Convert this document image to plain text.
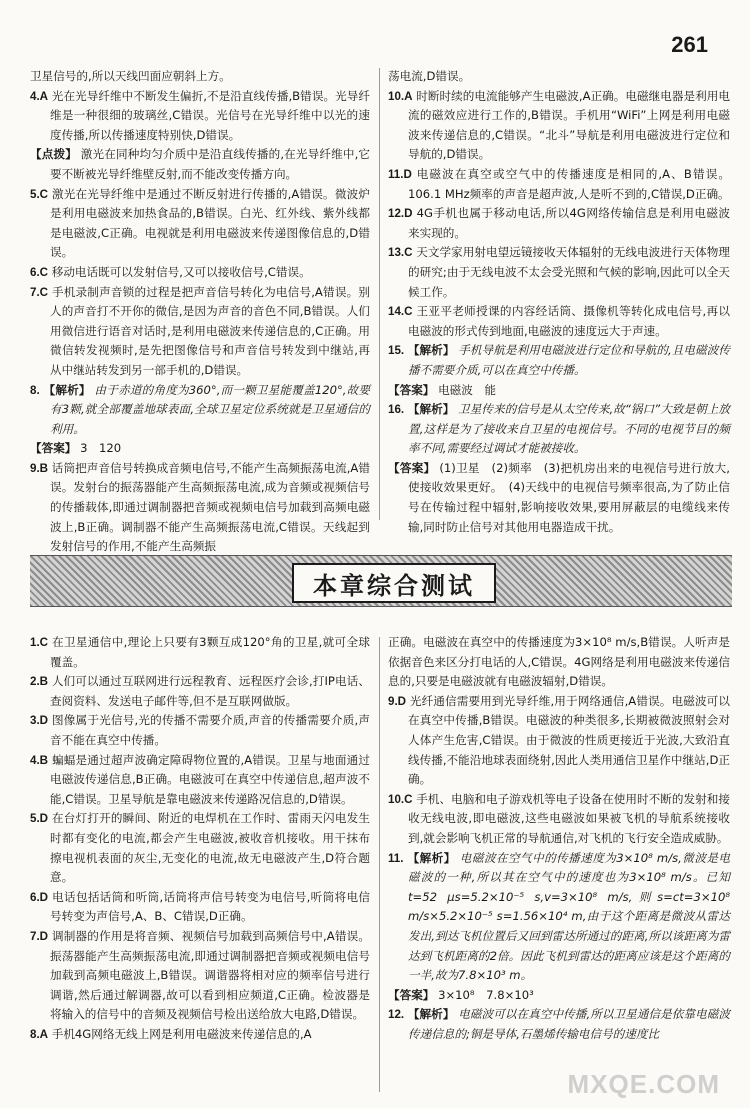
261

卫星信号的,所以天线凹面应朝斜上方。

4.A 光在光导纤维中不断发生偏折,不是沿直线传播,B错误。光导纤维是一种很细的玻璃丝,C错误。光信号在光导纤维中以光的速度传播,所以传播速度特别快,D错误。

【点拨】 激光在同种均匀介质中是沿直线传播的,在光导纤维中,它要不断被光导纤维壁反射,而不能改变传播方向。

5.C 激光在光导纤维中是通过不断反射进行传播的,A错误。微波炉是利用电磁波来加热食品的,B错误。白光、红外线、紫外线都是电磁波,C正确。电视就是利用电磁波来传递图像信息的,D错误。

6.C 移动电话既可以发射信号,又可以接收信号,C错误。

7.C 手机录制声音锁的过程是把声音信号转化为电信号,A错误。别人的声音打不开你的微信,是因为声音的音色不同,B错误。人们用微信进行语音对话时,是利用电磁波来传递信息的,C正确。用微信转发视频时,是先把图像信号和声音信号转发到中继站,再从中继站转发到另一部手机的,D错误。

8. 【解析】 由于赤道的角度为360°,而一颗卫星能覆盖120°,故要有3颗,就全部覆盖地球表面,全球卫星定位系统就是卫星通信的利用。

【答案】 3　120

9.B 话筒把声音信号转换成音频电信号,不能产生高频振荡电流,A错误。发射台的振荡器能产生高频振荡电流,成为音频或视频信号的传播载体,即通过调制器把音频或视频电信号加载到高频电磁波上,B正确。调制器不能产生高频振荡电流,C错误。天线起到发射信号的作用,不能产生高频振

荡电流,D错误。

10.A 时断时续的电流能够产生电磁波,A正确。电磁继电器是利用电流的磁效应进行工作的,B错误。手机用“WiFi”上网是利用电磁波来传递信息的,C错误。“北斗”导航是利用电磁波进行定位和导航的,D错误。

11.D 电磁波在真空或空气中的传播速度是相同的,A、B错误。106.1 MHz频率的声音是超声波,人是听不到的,C错误,D正确。

12.D 4G手机也属于移动电话,所以4G网络传输信息是利用电磁波来实现的。

13.C 天文学家用射电望远镜接收天体辐射的无线电波进行天体物理的研究;由于无线电波不太会受光照和气候的影响,因此可以全天候工作。

14.C 王亚平老师授课的内容经话筒、摄像机等转化成电信号,再以电磁波的形式传到地面,电磁波的速度远大于声速。

15. 【解析】 手机导航是利用电磁波进行定位和导航的,且电磁波传播不需要介质,可以在真空中传播。

【答案】 电磁波　能

16. 【解析】 卫星传来的信号是从太空传来,故“锅口”大致是朝上放置,这样是为了接收来自卫星的电视信号。不同的电视节目的频率不同,需要经过调试才能被接收。

【答案】 (1)卫星　(2)频率　(3)把机房出来的电视信号进行放大,使接收效果更好。　(4)天线中的电视信号频率很高,为了防止信号在传输过程中辐射,影响接收效果,要用屏蔽层的电缆线来传输,同时防止信号对其他用电器造成干扰。

本章综合测试

1.C 在卫星通信中,理论上只要有3颗互成120°角的卫星,就可全球覆盖。

2.B 人们可以通过互联网进行远程教育、远程医疗会诊,打IP电话、查阅资料、发送电子邮件等,但不是互联网做版。

3.D 图像属于光信号,光的传播不需要介质,声音的传播需要介质,声音不能在真空中传播。

4.B 蝙蝠是通过超声波确定障碍物位置的,A错误。卫星与地面通过电磁波传递信息,B正确。电磁波可在真空中传递信息,超声波不能,C错误。卫星导航是靠电磁波来传递路况信息的,D错误。

5.D 在台灯打开的瞬间、附近的电焊机在工作时、雷雨天闪电发生时都有变化的电流,都会产生电磁波,被收音机接收。用干抹布擦电视机表面的灰尘,无变化的电流,故无电磁波产生,D符合题意。

6.D 电话包括话筒和听筒,话筒将声信号转变为电信号,听筒将电信号转变为声信号,A、B、C错误,D正确。

7.D 调制器的作用是将音频、视频信号加载到高频信号中,A错误。振荡器能产生高频振荡电流,即通过调制器把音频或视频电信号加载到高频电磁波上,B错误。调谐器将相对应的频率信号进行调谐,然后通过解调器,故可以看到相应频道,C正确。检波器是将输入的信号中的音频及视频信号检出送给放大电路,D错误。

8.A 手机4G网络无线上网是利用电磁波来传递信息的,A

正确。电磁波在真空中的传播速度为3×10⁸ m/s,B错误。人听声是依据音色来区分打电话的人,C错误。4G网络是利用电磁波来传递信息的,只要是电磁波就有电磁波辐射,D错误。

9.D 光纤通信需要用到光导纤维,用于网络通信,A错误。电磁波可以在真空中传播,B错误。电磁波的种类很多,长期被微波照射会对人体产生危害,C错误。由于微波的性质更接近于光波,大致沿直线传播,不能沿地球表面绕射,因此人类用通信卫星作中继站,D正确。

10.C 手机、电脑和电子游戏机等电子设备在使用时不断的发射和接收无线电波,即电磁波,这些电磁波如果被飞机的导航系统接收到,就会影响飞机正常的导航通信,对飞机的飞行安全造成威胁。

11. 【解析】 电磁波在空气中的传播速度为3×10⁸ m/s,微波是电磁波的一种,所以其在空气中的速度也为3×10⁸ m/s。已知t=52 μs=5.2×10⁻⁵ s,v=3×10⁸ m/s,则s=ct=3×10⁸ m/s×5.2×10⁻⁵ s=1.56×10⁴ m,由于这个距离是微波从雷达发出,到达飞机位置后又回到雷达所通过的距离,所以该距离为雷达到飞机距离的2倍。因此飞机到雷达的距离应该是这个距离的一半,故为7.8×10³ m。

【答案】 3×10⁸　7.8×10³

12. 【解析】 电磁波可以在真空中传播,所以卫星通信是依靠电磁波传递信息的;铜是导体,石墨烯传输电信号的速度比

MXQE.COM
